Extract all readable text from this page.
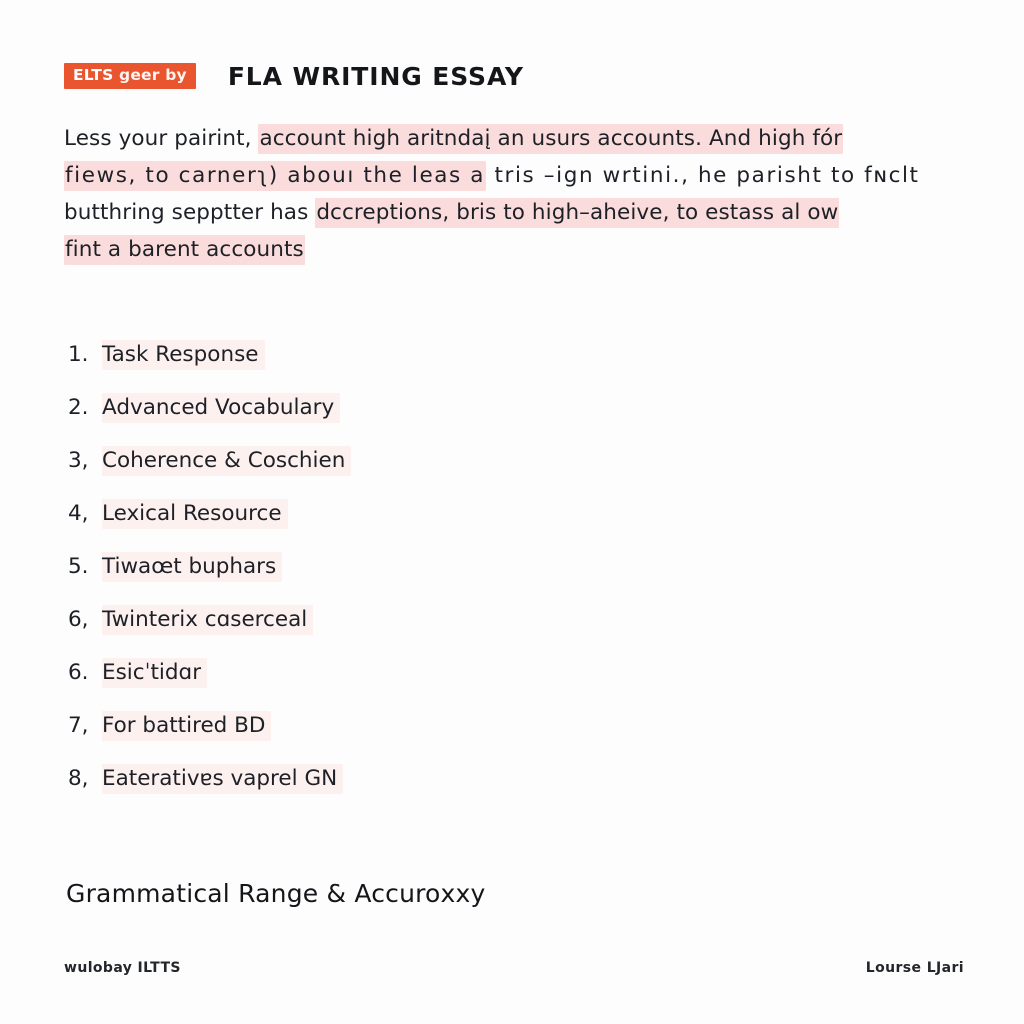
ELTS geer by	FLA WRITING ESSAY
Less your pairint, account high aritndaį an usurs accounts. And high fór
fiews, to carnerʅ) abouı the leas a tris –ign wrtini., he parisht to fɴclt
butthring sepptter has dccreptions, bris to high–aheive, to estass al ow
fint a barent accounts
1. Task Response
2. Advanced Vocabulary
3, Coherence & Coschien
4, Lexical Resource
5. Tiwaœt buphars
6, Twinterix cɑserceal
6. Esicˈtidɑr
7, For battired BD
8, Eaterativɐs vaprel GN
Grammatical Range & Accuroххy
wulobay ILTTS	Lourse LJari
